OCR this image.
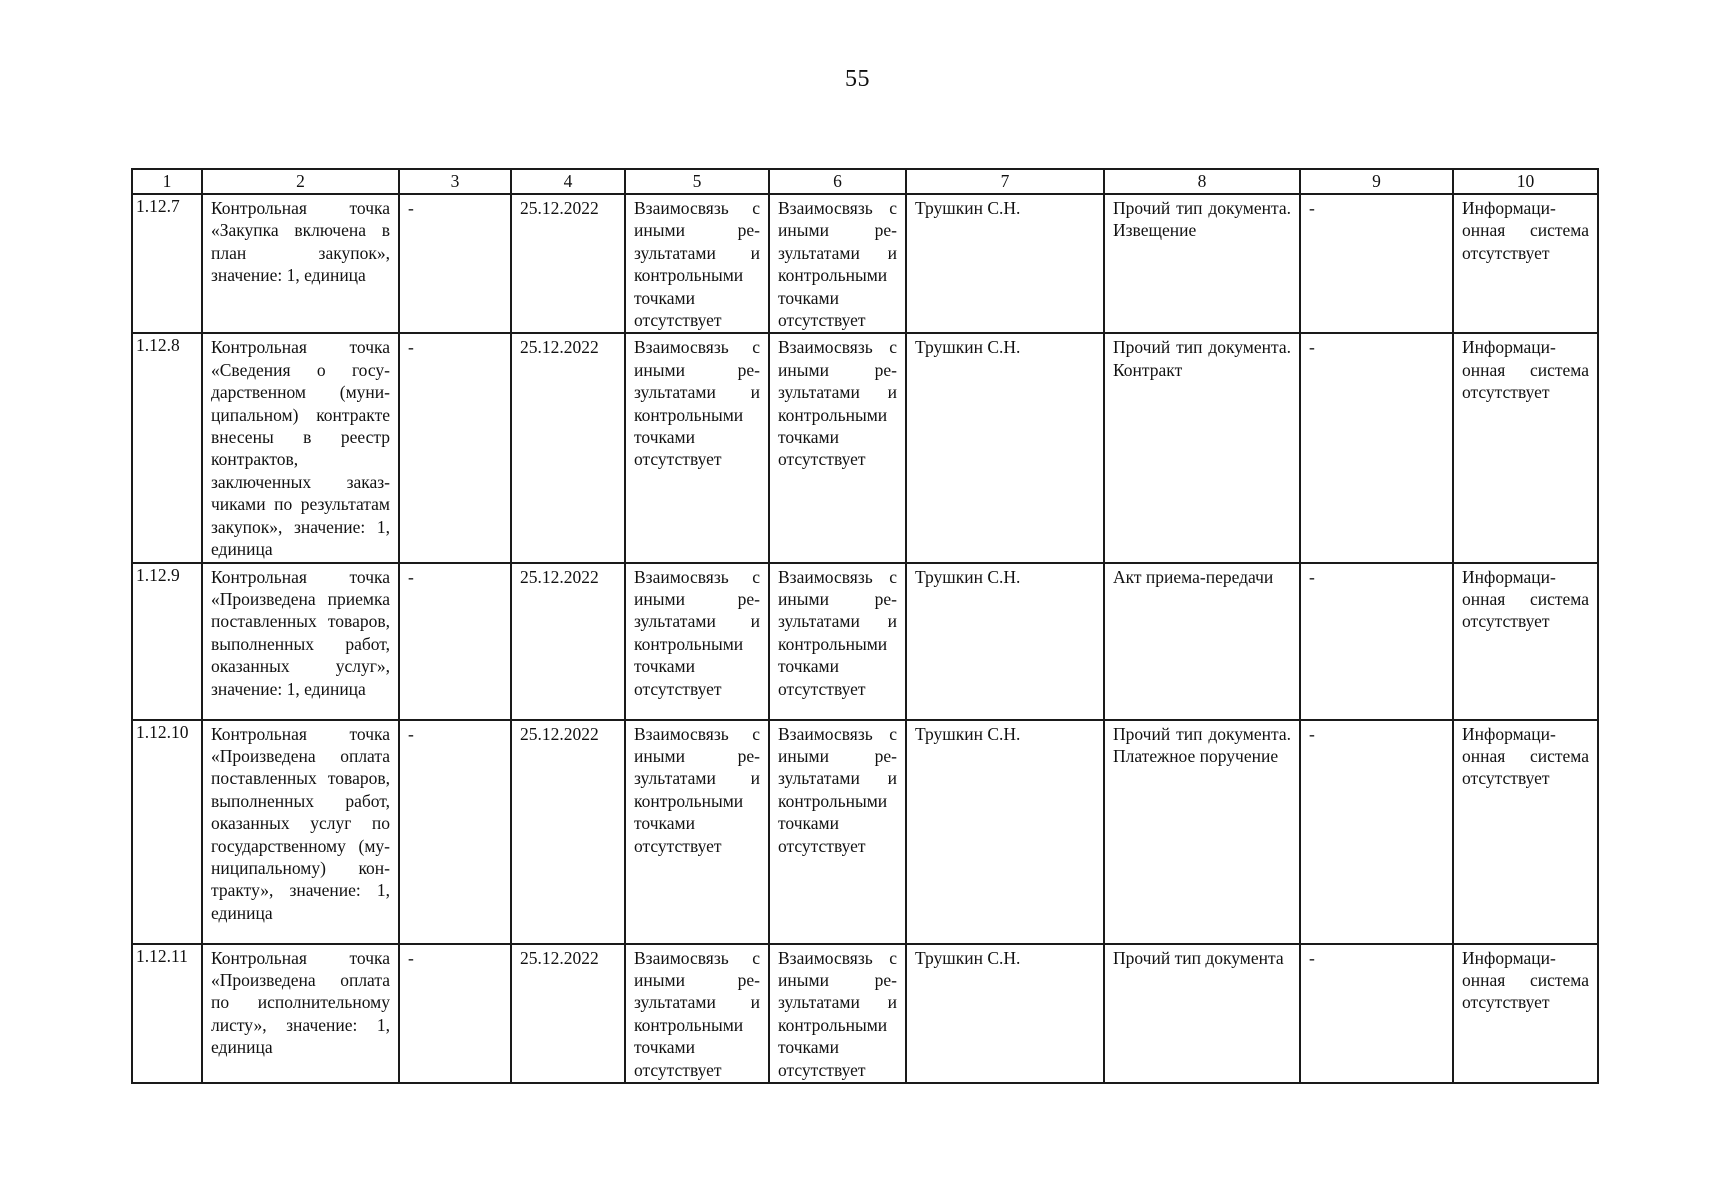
55
1	2	3	4	5	6	7	8	9	10
1.12.7	Контрольная точка «Закупка включена в план закупок», значение: 1, единица	-	25.12.2022	Взаимосвязь с иными результатами и контрольными точками отсутствует	Взаимосвязь с иными результатами и контрольными точками отсутствует	Трушкин С.Н.	Прочий тип документа. Извещение	-	Информационная система отсутствует
1.12.8	Контрольная точка «Сведения о государственном (муниципальном) контракте внесены в реестр контрактов, заключенных заказчиками по результатам закупок», значение: 1, единица	-	25.12.2022	Взаимосвязь с иными результатами и контрольными точками отсутствует	Взаимосвязь с иными результатами и контрольными точками отсутствует	Трушкин С.Н.	Прочий тип документа. Контракт	-	Информационная система отсутствует
1.12.9	Контрольная точка «Произведена приемка поставленных товаров, выполненных работ, оказанных услуг», значение: 1, единица	-	25.12.2022	Взаимосвязь с иными результатами и контрольными точками отсутствует	Взаимосвязь с иными результатами и контрольными точками отсутствует	Трушкин С.Н.	Акт приема-передачи	-	Информационная система отсутствует
1.12.10	Контрольная точка «Произведена оплата поставленных товаров, выполненных работ, оказанных услуг по государственному (муниципальному) контракту», значение: 1, единица	-	25.12.2022	Взаимосвязь с иными результатами и контрольными точками отсутствует	Взаимосвязь с иными результатами и контрольными точками отсутствует	Трушкин С.Н.	Прочий тип документа. Платежное поручение	-	Информационная система отсутствует
1.12.11	Контрольная точка «Произведена оплата по исполнительному листу», значение: 1, единица	-	25.12.2022	Взаимосвязь с иными результатами и контрольными точками отсутствует	Взаимосвязь с иными результатами и контрольными точками отсутствует	Трушкин С.Н.	Прочий тип документа	-	Информационная система отсутствует
